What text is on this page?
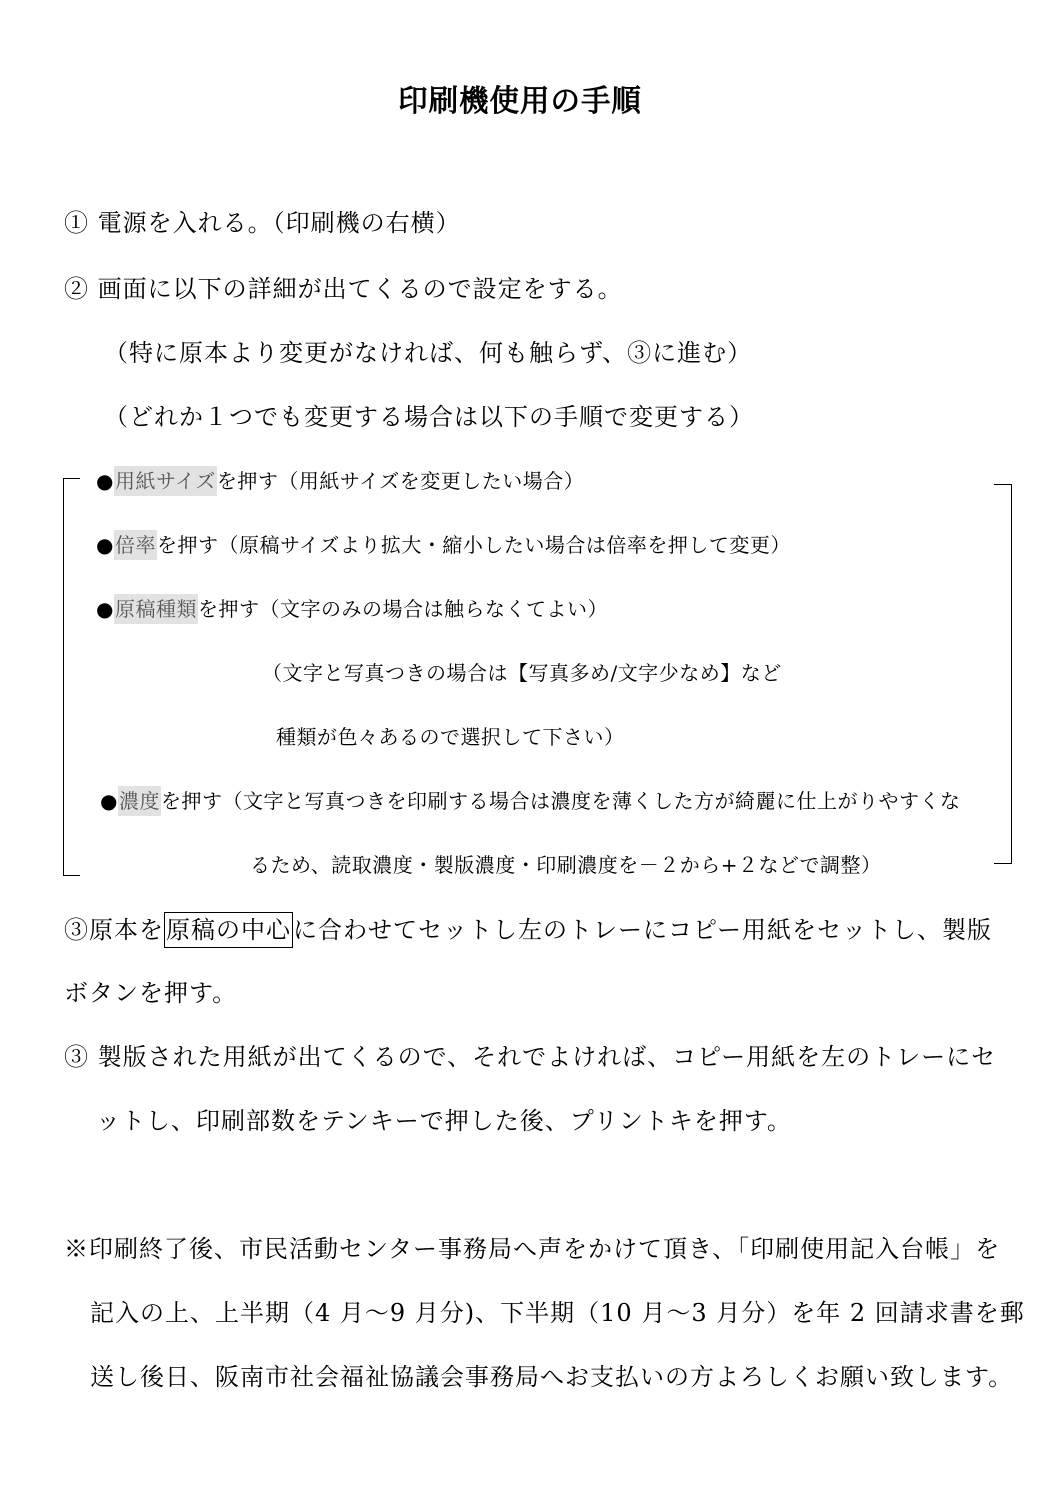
印刷機使用の手順
① 電源を入れる。（印刷機の右横）
② 画面に以下の詳細が出てくるので設定をする。
（特に原本より変更がなければ、何も触らず、③に進む）
（どれか１つでも変更する場合は以下の手順で変更する）
●用紙サイズを押す（用紙サイズを変更したい場合）
●倍率を押す（原稿サイズより拡大・縮小したい場合は倍率を押して変更）
●原稿種類を押す（文字のみの場合は触らなくてよい）
（文字と写真つきの場合は【写真多め/文字少なめ】など
種類が色々あるので選択して下さい）
●濃度を押す（文字と写真つきを印刷する場合は濃度を薄くした方が綺麗に仕上がりやすくな
るため、読取濃度・製版濃度・印刷濃度を－２から+２などで調整）
③原本を原稿の中心に合わせてセットし左のトレーにコピー用紙をセットし、製版
ボタンを押す。
③ 製版された用紙が出てくるので、それでよければ、コピー用紙を左のトレーにセ
ットし、印刷部数をテンキーで押した後、プリントキを押す。
※印刷終了後、市民活動センター事務局へ声をかけて頂き、「印刷使用記入台帳」を
記入の上、上半期（4 月～9 月分)、下半期（10 月～3 月分）を年 2 回請求書を郵
送し後日、阪南市社会福祉協議会事務局へお支払いの方よろしくお願い致します。
